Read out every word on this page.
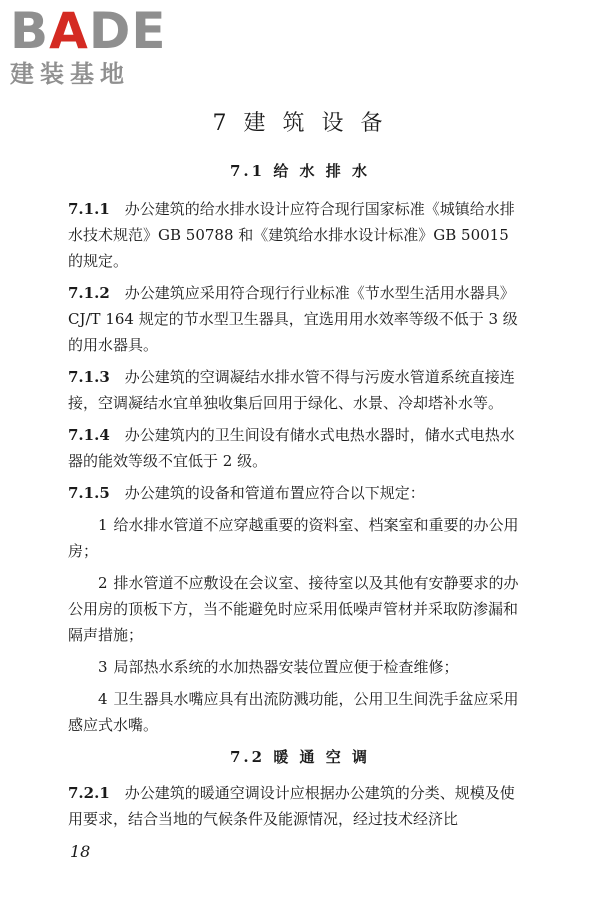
BADE
建装基地
7 建 筑 设 备
7.1 给 水 排 水

7.1.1　 办公建筑的给水排水设计应符合现行国家标准《城镇给水排水技术规范》GB 50788 和《建筑给水排水设计标准》GB 50015 的规定。

7.1.2　 办公建筑应采用符合现行行业标准《节水型生活用水器具》CJ/T 164 规定的节水型卫生器具，宜选用用水效率等级不低于 3 级的用水器具。

7.1.3　 办公建筑的空调凝结水排水管不得与污废水管道系统直接连接，空调凝结水宜单独收集后回用于绿化、水景、冷却塔补水等。

7.1.4　 办公建筑内的卫生间设有储水式电热水器时，储水式电热水器的能效等级不宜低于 2 级。

7.1.5　 办公建筑的设备和管道布置应符合以下规定：

1 给水排水管道不应穿越重要的资料室、档案室和重要的办公用房；

2 排水管道不应敷设在会议室、接待室以及其他有安静要求的办公用房的顶板下方，当不能避免时应采用低噪声管材并采取防渗漏和隔声措施；

3 局部热水系统的水加热器安装位置应便于检查维修；

4 卫生器具水嘴应具有出流防溅功能，公用卫生间洗手盆应采用感应式水嘴。

7.2 暖 通 空 调

7.2.1　 办公建筑的暖通空调设计应根据办公建筑的分类、规模及使用要求，结合当地的气候条件及能源情况，经过技术经济比

18
